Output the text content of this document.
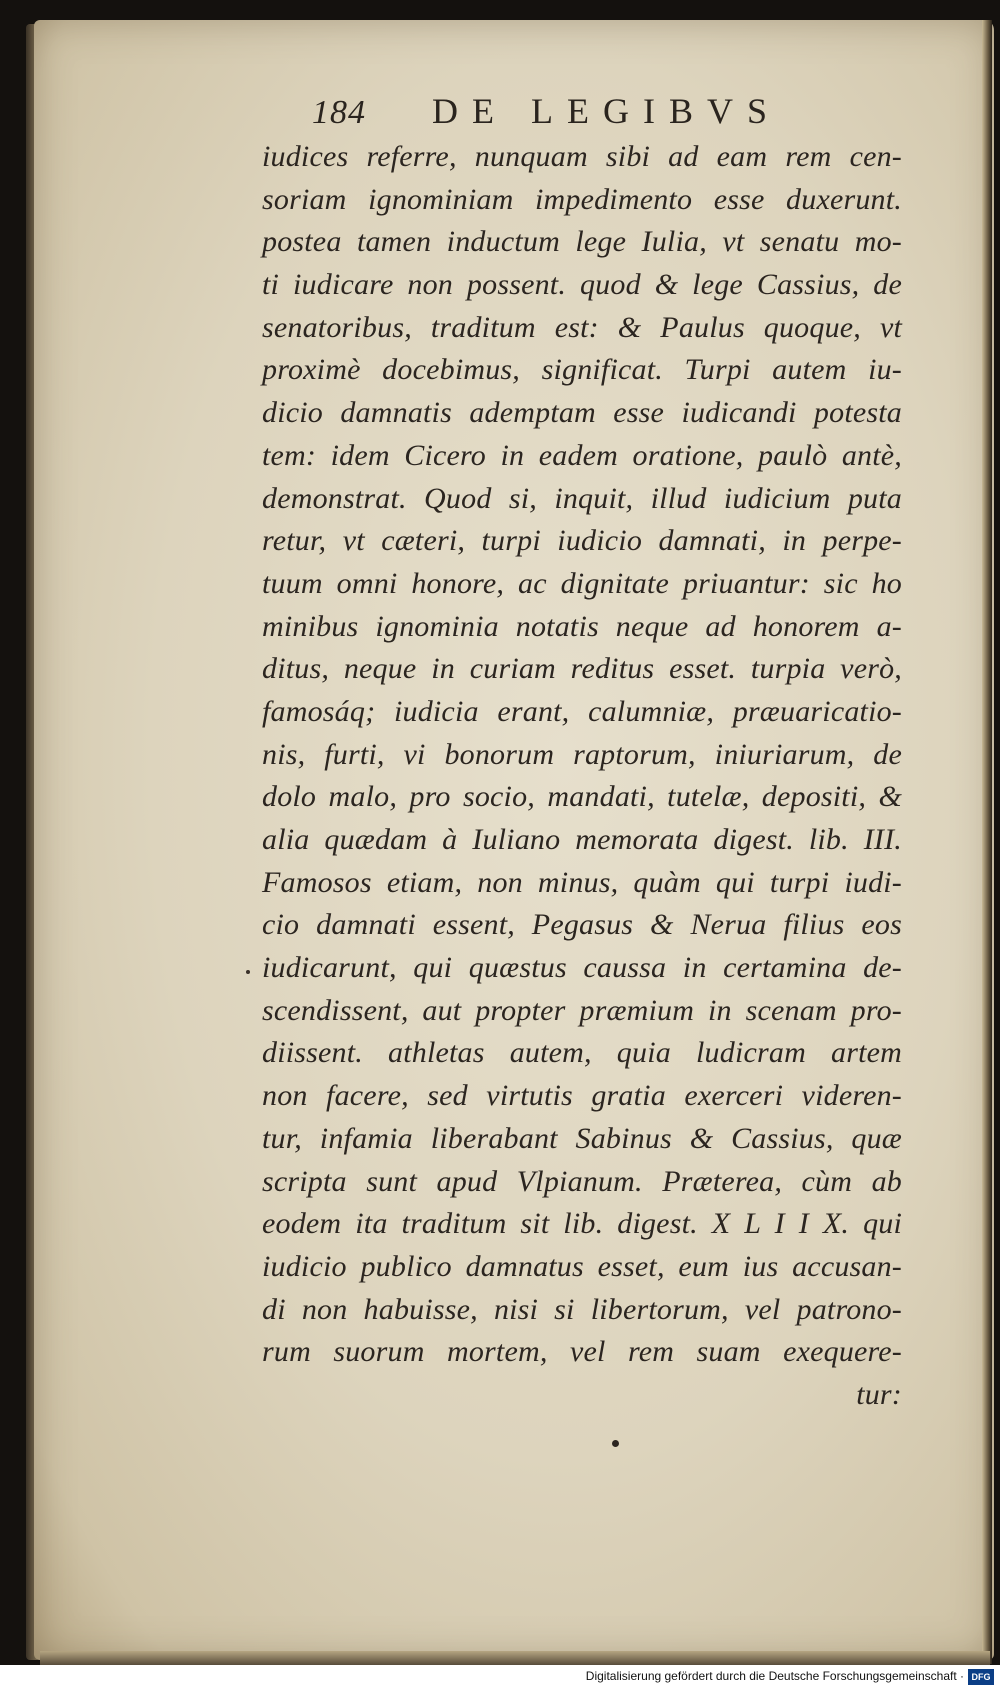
184	DE LEGIBVS
iudices referre, nunquam sibi ad eam rem cen-
soriam ignominiam impedimento esse duxerunt.
postea tamen inductum lege Iulia, vt senatu mo-
ti iudicare non possent. quod & lege Cassius, de
senatoribus, traditum est: & Paulus quoque, vt
proximè docebimus, significat. Turpi autem iu-
dicio damnatis ademptam esse iudicandi potesta
tem: idem Cicero in eadem oratione, paulò antè,
demonstrat. Quod si, inquit, illud iudicium puta
retur, vt cæteri, turpi iudicio damnati, in perpe-
tuum omni honore, ac dignitate priuantur: sic ho
minibus ignominia notatis neque ad honorem a-
ditus, neque in curiam reditus esset. turpia verò,
famosáq; iudicia erant, calumniæ, præuaricatio-
nis, furti, vi bonorum raptorum, iniuriarum, de
dolo malo, pro socio, mandati, tutelæ, depositi, &
alia quædam à Iuliano memorata digest. lib. III.
Famosos etiam, non minus, quàm qui turpi iudi-
cio damnati essent, Pegasus & Nerua filius eos
iudicarunt, qui quæstus caussa in certamina de-
scendissent, aut propter præmium in scenam pro-
diissent. athletas autem, quia ludicram artem
non facere, sed virtutis gratia exerceri videren-
tur, infamia liberabant Sabinus & Cassius, quæ
scripta sunt apud Vlpianum. Præterea, cùm ab
eodem ita traditum sit lib. digest. X L I I X. qui
iudicio publico damnatus esset, eum ius accusan-
di non habuisse, nisi si libertorum, vel patrono-
rum suorum mortem, vel rem suam exequere-
tur:
Digitalisierung gefördert durch die Deutsche Forschungsgemeinschaft · DFG
